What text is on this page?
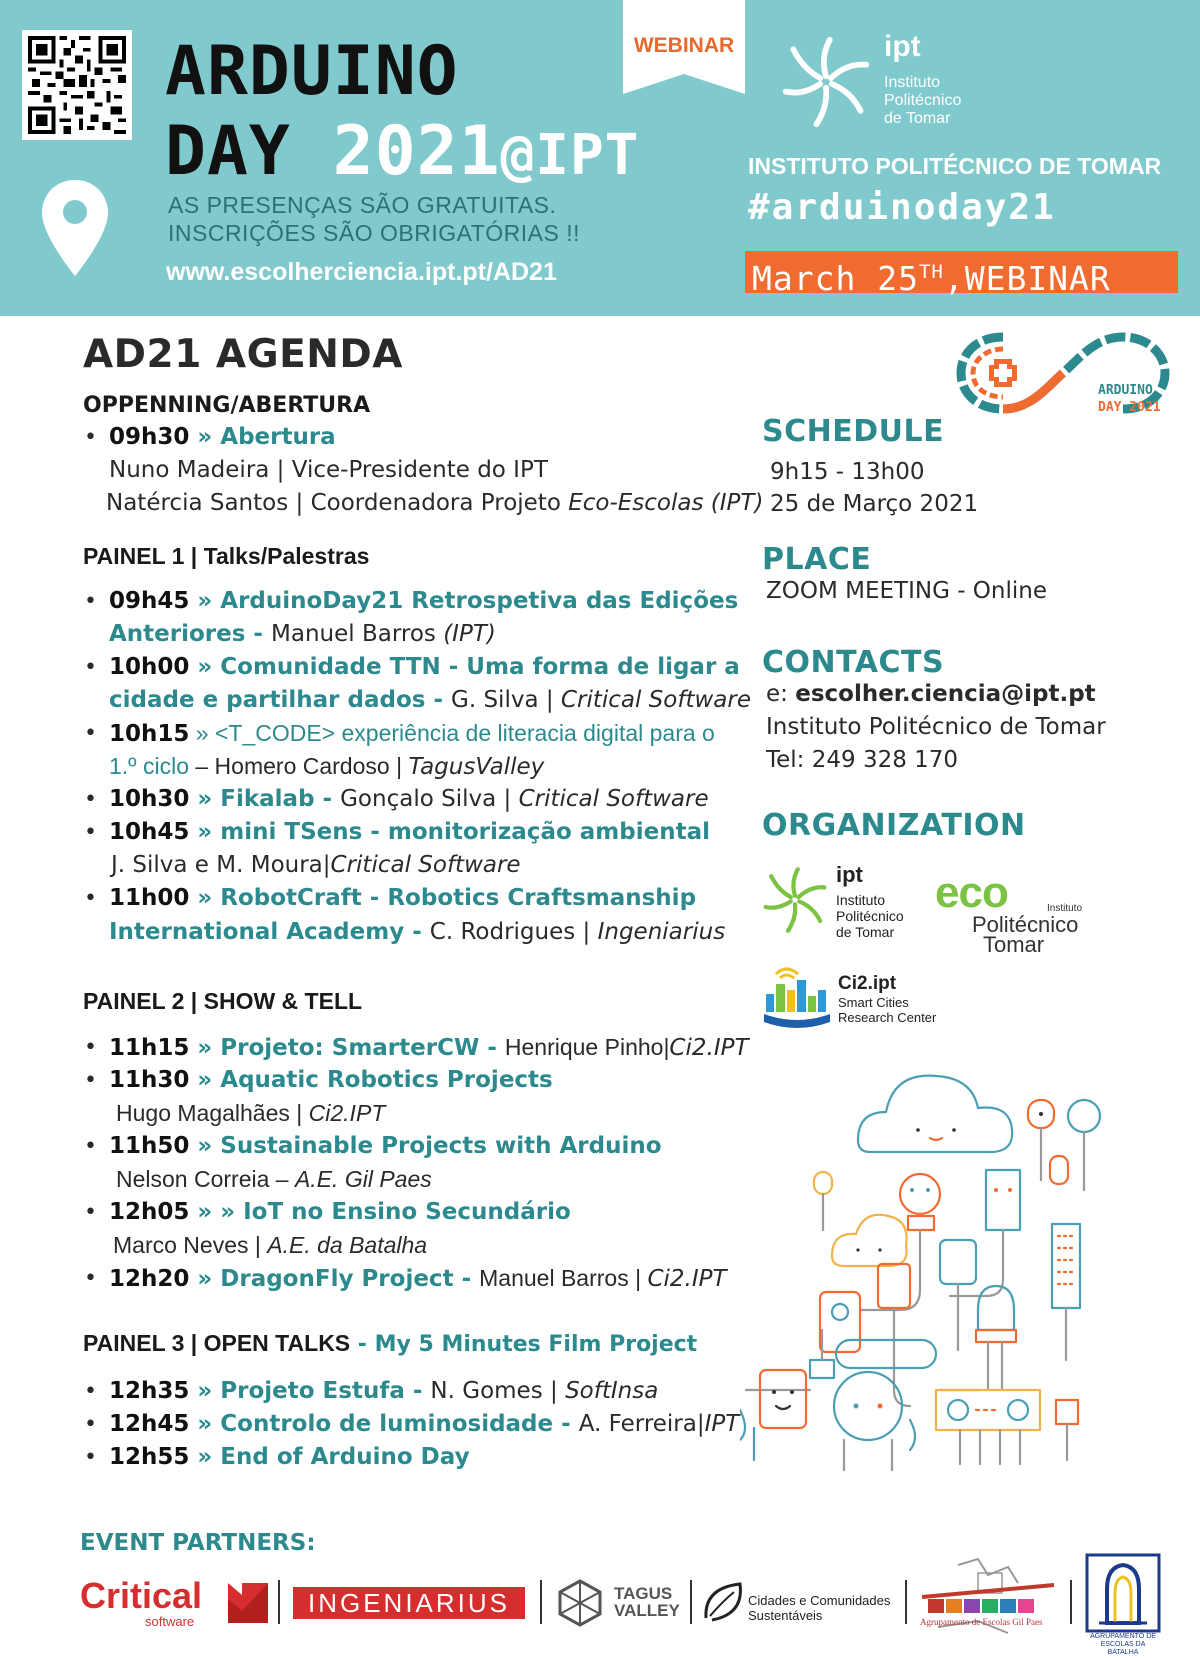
ARDUINO
DAY 2021@IPT
AS PRESENÇAS SÃO GRATUITAS.
INSCRIÇÕES SÃO OBRIGATÓRIAS !!
www.escolherciencia.ipt.pt/AD21
WEBINAR	ipt
Instituto
Politécnico
de Tomar
INSTITUTO POLITÉCNICO DE TOMAR
#arduinoday21
March 25TH,WEBINAR
AD21 AGENDA
OPPENNING/ABERTURA
• 09h30 » Abertura
Nuno Madeira | Vice-Presidente do IPT
Natércia Santos | Coordenadora Projeto Eco-Escolas (IPT)
PAINEL 1 | Talks/Palestras
• 09h45 » ArduinoDay21 Retrospetiva das Edições
Anteriores - Manuel Barros (IPT)
• 10h00 » Comunidade TTN - Uma forma de ligar a
cidade e partilhar dados - G. Silva | Critical Software
• 10h15 » <T_CODE> experiência de literacia digital para o
1.º ciclo – Homero Cardoso | TagusValley
• 10h30 » Fikalab - Gonçalo Silva | Critical Software
• 10h45 » mini TSens - monitorização ambiental
J. Silva e M. Moura|Critical Software
• 11h00 » RobotCraft - Robotics Craftsmanship
International Academy - C. Rodrigues | Ingeniarius
PAINEL 2 | SHOW & TELL
• 11h15 » Projeto: SmarterCW - Henrique Pinho|Ci2.IPT
• 11h30 » Aquatic Robotics Projects
Hugo Magalhães | Ci2.IPT
• 11h50 » Sustainable Projects with Arduino
Nelson Correia – A.E. Gil Paes
• 12h05 » » IoT no Ensino Secundário
Marco Neves | A.E. da Batalha
• 12h20 » DragonFly Project - Manuel Barros | Ci2.IPT
PAINEL 3 | OPEN TALKS - My 5 Minutes Film Project
• 12h35 » Projeto Estufa - N. Gomes | SoftInsa
• 12h45 » Controlo de luminosidade - A. Ferreira|IPT
• 12h55 » End of Arduino Day
ARDUINO
DAY 2021
SCHEDULE
9h15 - 13h00
25 de Março 2021
PLACE
ZOOM MEETING - Online
CONTACTS
e: escolher.ciencia@ipt.pt
Instituto Politécnico de Tomar
Tel: 249 328 170
ORGANIZATION
ipt
Instituto
Politécnico
de Tomar
eco	Instituto
Politécnico
Tomar
Ci2.ipt
Smart Cities
Research Center
EVENT PARTNERS:
Critical
software
INGENIARIUS	TAGUS
VALLEY
Cidades e Comunidades
Sustentáveis	Agrupamento de Escolas Gil Paes
AGRUPAMENTO DE
ESCOLAS DA BATALHA
